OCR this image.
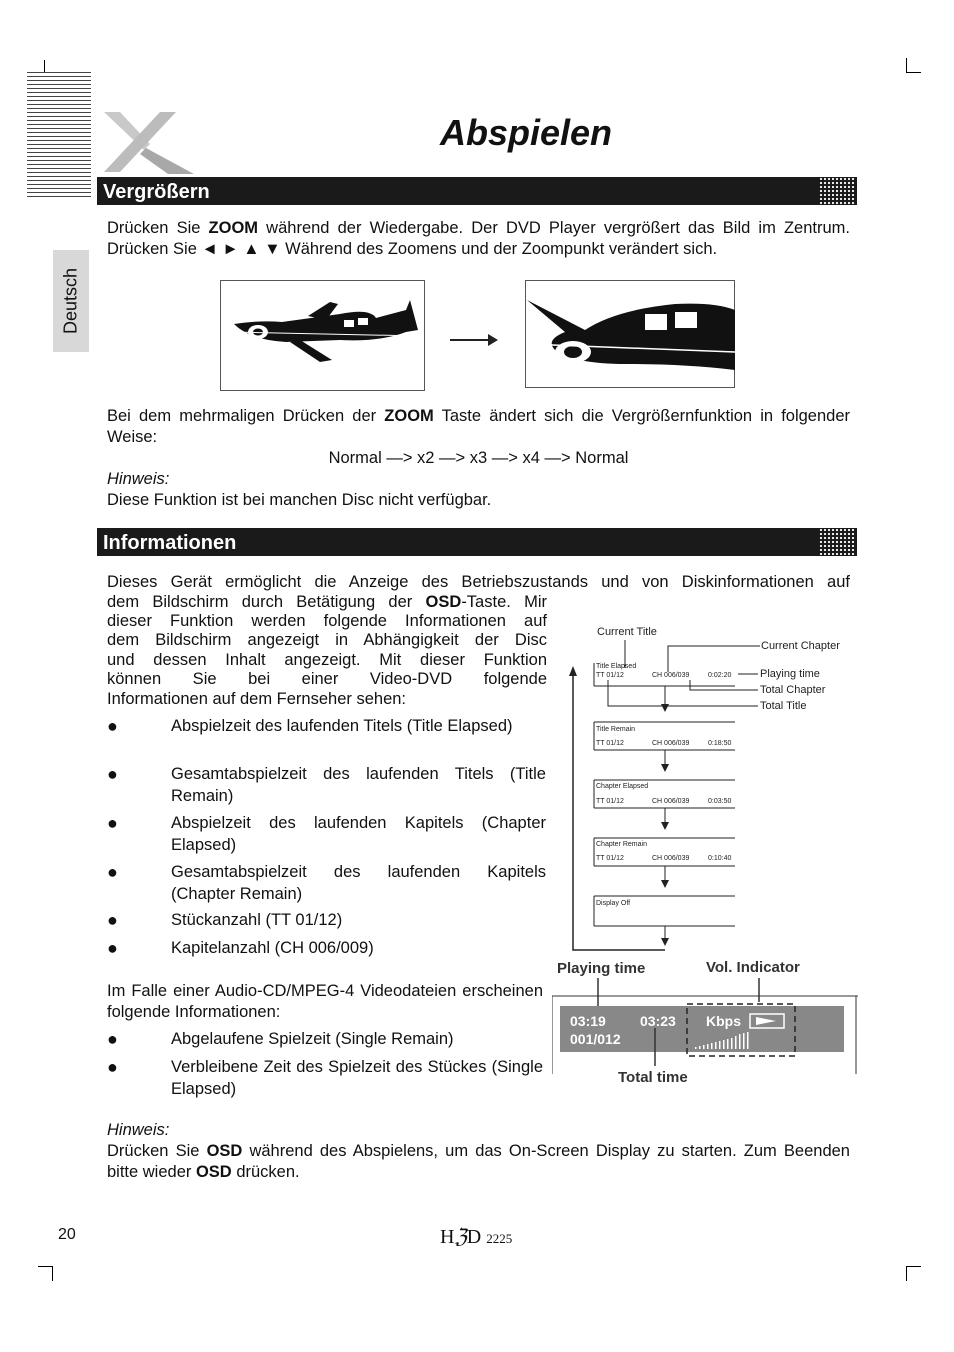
Abspielen
Deutsch
Vergrößern
Drücken Sie ZOOM während der Wiedergabe. Der DVD Player vergrößert das Bild im Zentrum. Drücken Sie ◄ ► ▲ ▼ Während des Zoomens und der Zoompunkt verändert sich.
Bei dem mehrmaligen Drücken der ZOOM Taste ändert sich die Vergrößernfunktion in folgender Weise:
Normal —> x2 —> x3 —> x4 —> Normal
Hinweis:
Diese Funktion ist bei manchen Disc nicht verfügbar.
Informationen
Dieses Gerät ermöglicht die Anzeige des Betriebszustands und von Diskinformationen auf
dem Bildschirm durch Betätigung der OSD-Taste. Mir
dieser Funktion werden folgende Informationen auf
dem Bildschirm angezeigt in Abhängigkeit der Disc
und dessen Inhalt angezeigt. Mit dieser Funktion
können Sie bei einer Video-DVD folgende
Informationen auf dem Fernseher sehen:
●	Abspielzeit des laufenden Titels (Title Elapsed)
●	Gesamtabspielzeit des laufenden Titels (Title Remain)
●	Abspielzeit des laufenden Kapitels (Chapter Elapsed)
●	Gesamtabspielzeit des laufenden Kapitels (Chapter Remain)
●	Stückanzahl (TT 01/12)
●	Kapitelanzahl (CH 006/009)
Im Falle einer Audio-CD/MPEG-4 Videodateien erscheinen folgende Informationen:
●	Abgelaufene Spielzeit (Single Remain)
●	Verbleibene Zeit des Spielzeit des Stückes (Single Elapsed)
Hinweis:
Drücken Sie OSD während des Abspielens, um das On-Screen Display zu starten. Zum Beenden bitte wieder OSD drücken.
Current Title
Current Chapter
Playing time
Total Chapter
Total Title
Title Elapsed
TT 01/12	CH 006/039	0:02:20
Title Remain
TT 01/12	CH 006/039	0:18:50
Chapter Elapsed
TT 01/12	CH 006/039	0:03:50
Chapter Remain
TT 01/12	CH 006/039	0:10:40
Display Off
Playing time	Vol. Indicator
03:19 03:23
001/012
Kbps
Total time
20	HℨD 2225
